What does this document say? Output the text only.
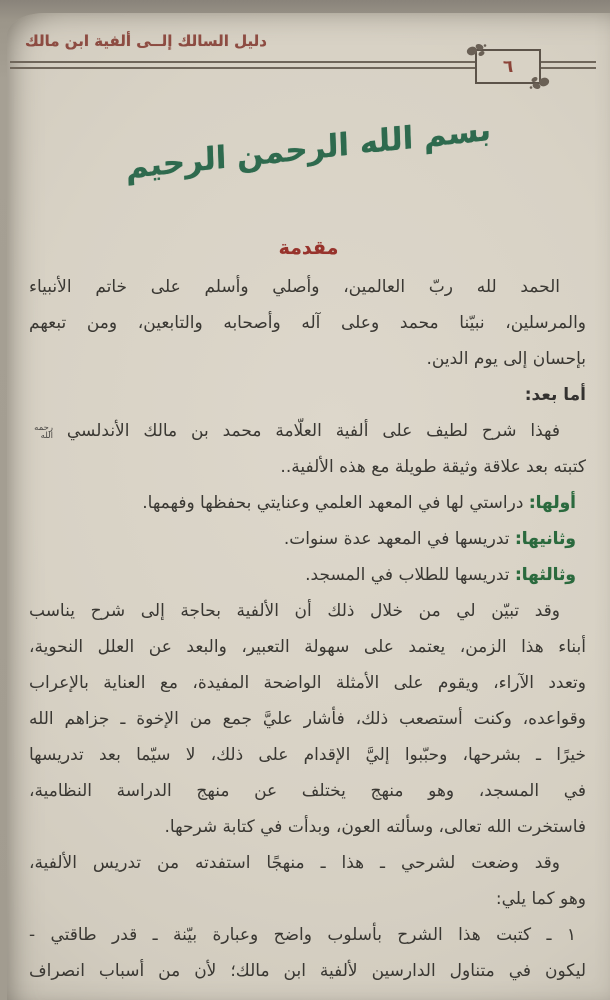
دليل السالك إلــى ألفية ابن مالك
٦
بسم الله الرحمن الرحيم
مقدمة
الحمد لله ربّ العالمين، وأصلي وأسلم على خاتم الأنبياء
والمرسلين، نبيّنا محمد وعلى آله وأصحابه والتابعين، ومن تبعهم
بإحسان إلى يوم الدين.
أما بعد:
فهذا شرح لطيف على ألفية العلّامة محمد بن مالك الأندلسي رحمه الله
كتبته بعد علاقة وثيقة طويلة مع هذه الألفية..
أولها: دراستي لها في المعهد العلمي وعنايتي بحفظها وفهمها.
وثانيها: تدريسها في المعهد عدة سنوات.
وثالثها: تدريسها للطلاب في المسجد.
وقد تبيّن لي من خلال ذلك أن الألفية بحاجة إلى شرح يناسب
أبناء هذا الزمن، يعتمد على سهولة التعبير، والبعد عن العلل النحوية،
وتعدد الآراء، ويقوم على الأمثلة الواضحة المفيدة، مع العناية بالإعراب
وقواعده، وكنت أستصعب ذلك، فأشار عليَّ جمع من الإخوة ـ جزاهم الله
خيرًا ـ بشرحها، وحبّبوا إليَّ الإقدام على ذلك، لا سيّما بعد تدريسها
في المسجد، وهو منهج يختلف عن منهج الدراسة النظامية،
فاستخرت الله تعالى، وسألته العون، وبدأت في كتابة شرحها.
وقد وضعت لشرحي ـ هذا ـ منهجًا استفدته من تدريس الألفية،
وهو كما يلي:
١ ـ كتبت هذا الشرح بأسلوب واضح وعبارة بيّنة ـ قدر طاقتي -
ليكون في متناول الدارسين لألفية ابن مالك؛ لأن من أسباب انصراف
